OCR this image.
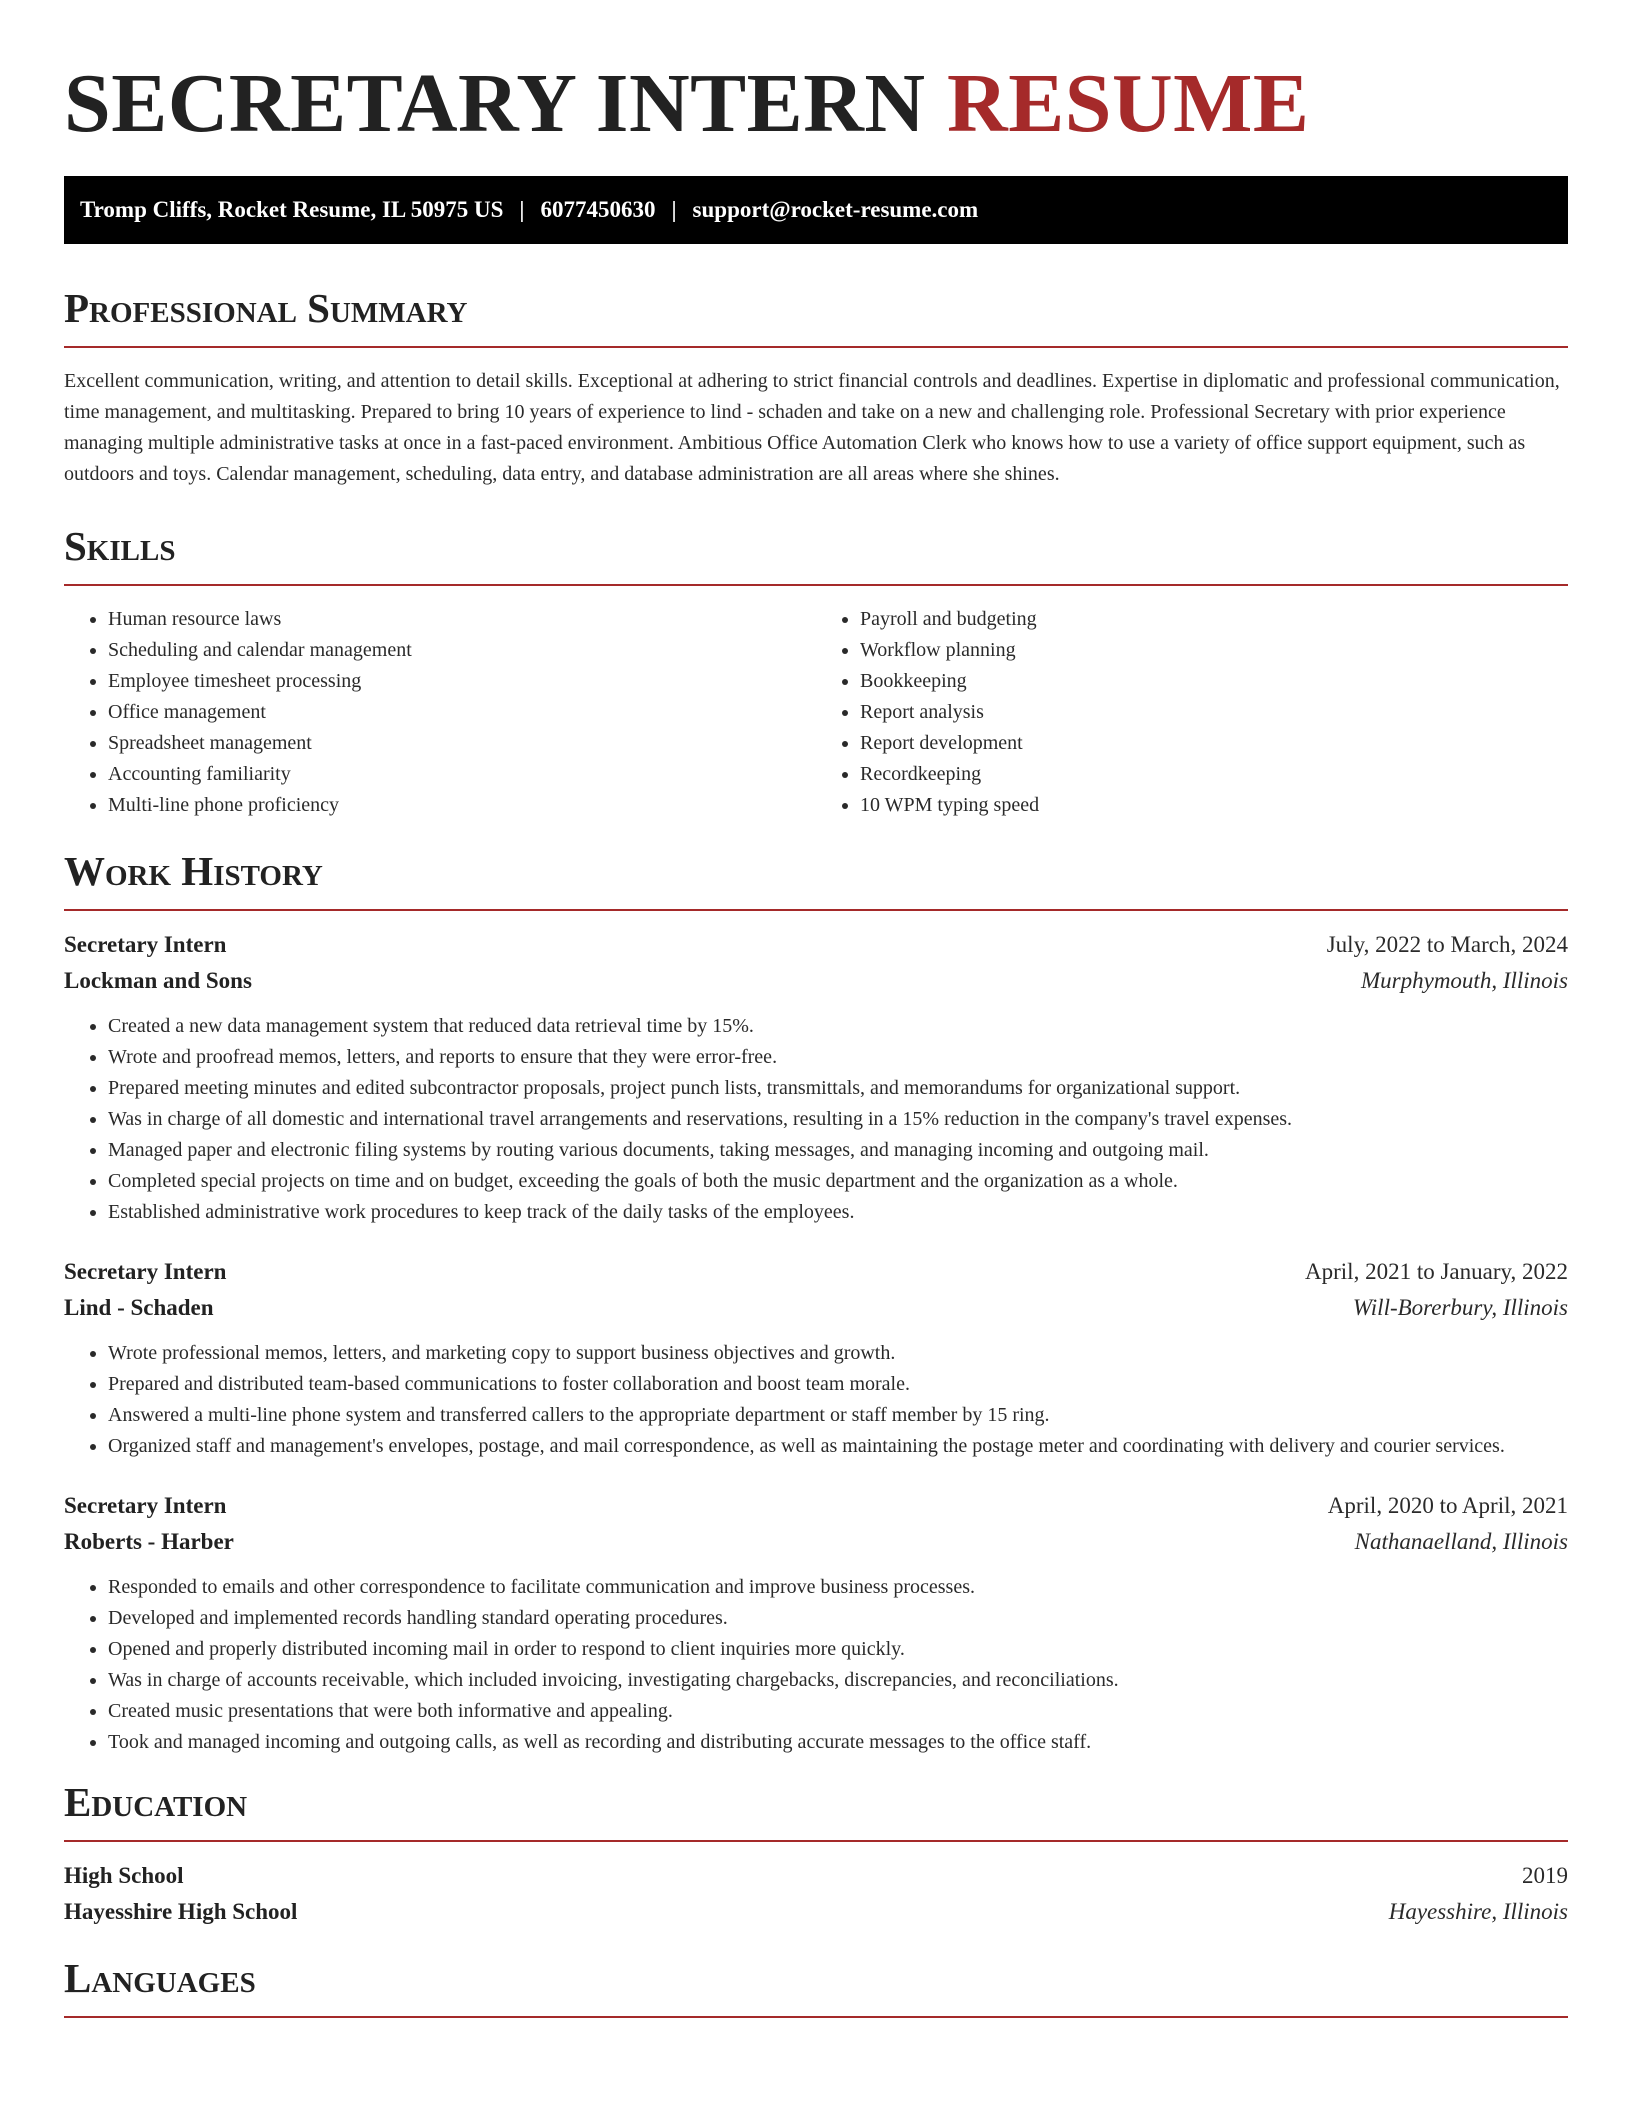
SECRETARY INTERN RESUME
Tromp Cliffs, Rocket Resume, IL 50975 US | 6077450630 | support@rocket-resume.com
Professional Summary

Excellent communication, writing, and attention to detail skills. Exceptional at adhering to strict financial controls and deadlines. Expertise in diplomatic and professional communication, time management, and multitasking. Prepared to bring 10 years of experience to lind - schaden and take on a new and challenging role. Professional Secretary with prior experience managing multiple administrative tasks at once in a fast-paced environment. Ambitious Office Automation Clerk who knows how to use a variety of office support equipment, such as outdoors and toys. Calendar management, scheduling, data entry, and database administration are all areas where she shines.

Skills
• Human resource laws
• Scheduling and calendar management
• Employee timesheet processing
• Office management
• Spreadsheet management
• Accounting familiarity
• Multi-line phone proficiency
• Payroll and budgeting
• Workflow planning
• Bookkeeping
• Report analysis
• Report development
• Recordkeeping
• 10 WPM typing speed
Work History
Secretary Intern	July, 2022 to March, 2024
Lockman and Sons	Murphymouth, Illinois
• Created a new data management system that reduced data retrieval time by 15%.
• Wrote and proofread memos, letters, and reports to ensure that they were error-free.
• Prepared meeting minutes and edited subcontractor proposals, project punch lists, transmittals, and memorandums for organizational support.
• Was in charge of all domestic and international travel arrangements and reservations, resulting in a 15% reduction in the company's travel expenses.
• Managed paper and electronic filing systems by routing various documents, taking messages, and managing incoming and outgoing mail.
• Completed special projects on time and on budget, exceeding the goals of both the music department and the organization as a whole.
• Established administrative work procedures to keep track of the daily tasks of the employees.
Secretary Intern	April, 2021 to January, 2022
Lind - Schaden	Will-Borerbury, Illinois
• Wrote professional memos, letters, and marketing copy to support business objectives and growth.
• Prepared and distributed team-based communications to foster collaboration and boost team morale.
• Answered a multi-line phone system and transferred callers to the appropriate department or staff member by 15 ring.
• Organized staff and management's envelopes, postage, and mail correspondence, as well as maintaining the postage meter and coordinating with delivery and courier services.
Secretary Intern	April, 2020 to April, 2021
Roberts - Harber	Nathanaelland, Illinois
• Responded to emails and other correspondence to facilitate communication and improve business processes.
• Developed and implemented records handling standard operating procedures.
• Opened and properly distributed incoming mail in order to respond to client inquiries more quickly.
• Was in charge of accounts receivable, which included invoicing, investigating chargebacks, discrepancies, and reconciliations.
• Created music presentations that were both informative and appealing.
• Took and managed incoming and outgoing calls, as well as recording and distributing accurate messages to the office staff.
Education
High School	2019
Hayesshire High School	Hayesshire, Illinois
Languages
